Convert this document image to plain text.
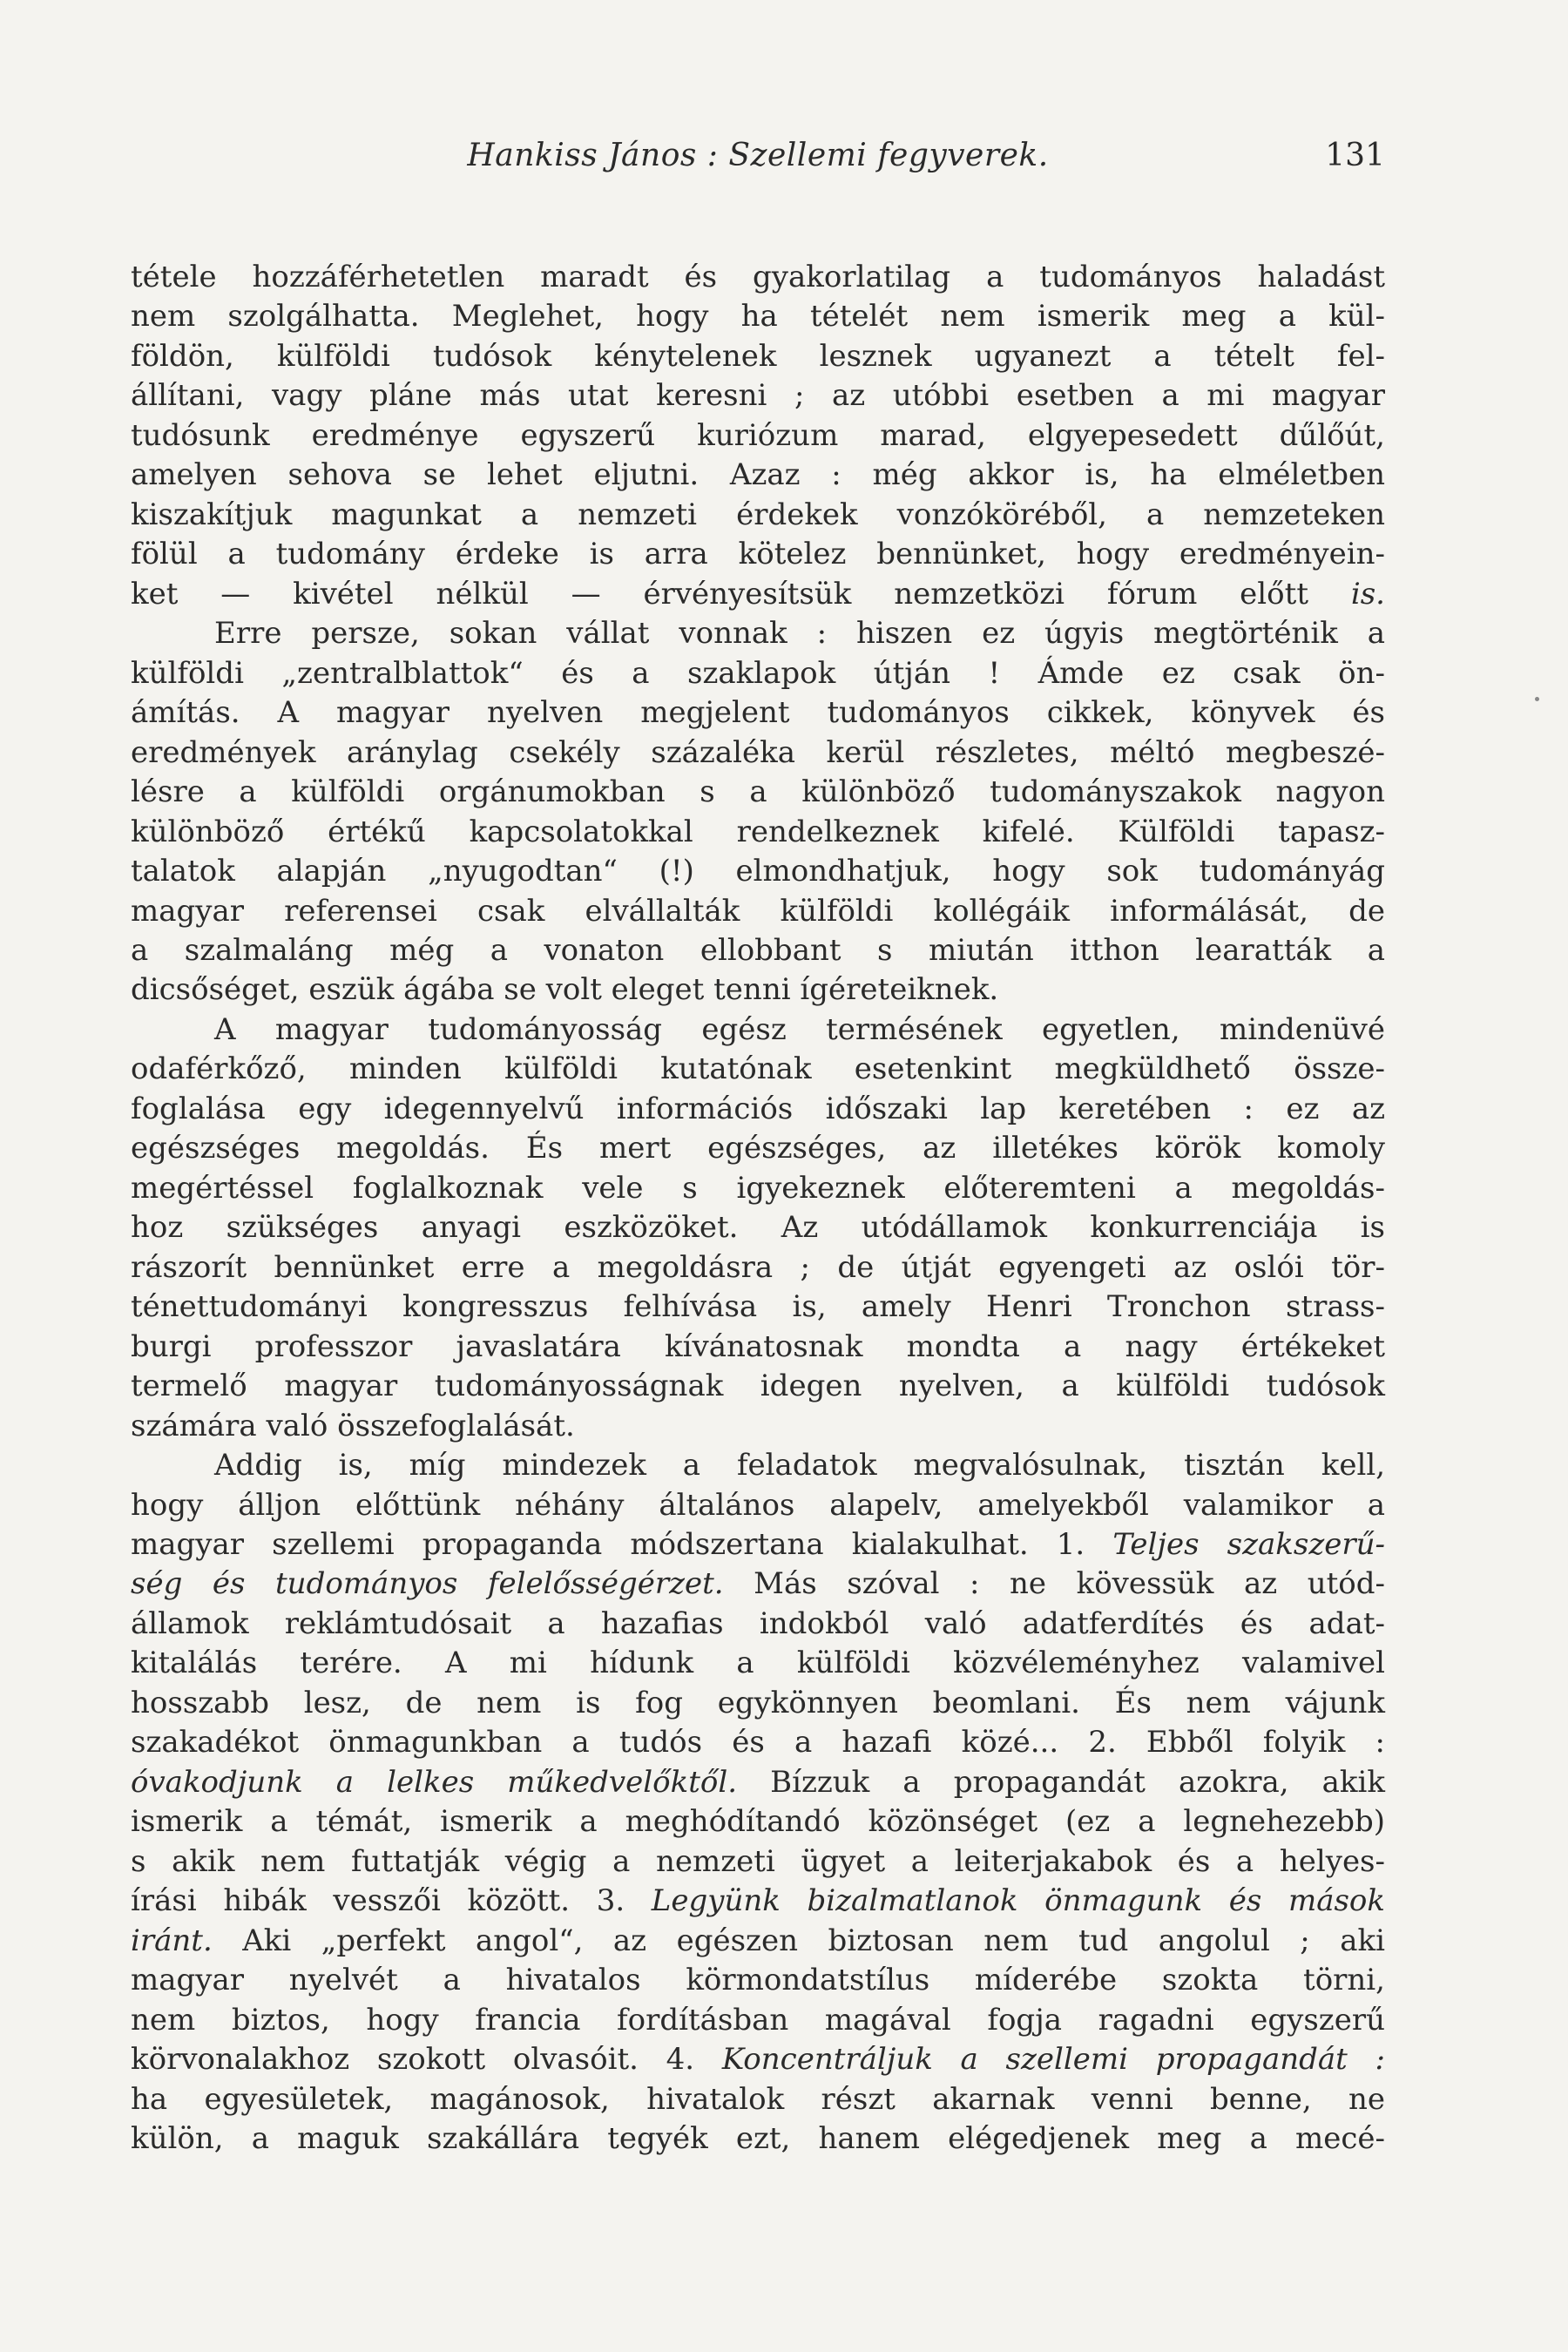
Hankiss János : Szellemi fegyverek.	131
tétele hozzáférhetetlen maradt és gyakorlatilag a tudományos haladást
nem szolgálhatta. Meglehet, hogy ha tételét nem ismerik meg a kül-
földön, külföldi tudósok kénytelenek lesznek ugyanezt a tételt fel-
állítani, vagy pláne más utat keresni ; az utóbbi esetben a mi magyar
tudósunk eredménye egyszerű kuriózum marad, elgyepesedett dűlőút,
amelyen sehova se lehet eljutni. Azaz : még akkor is, ha elméletben
kiszakítjuk magunkat a nemzeti érdekek vonzóköréből, a nemzeteken
fölül a tudomány érdeke is arra kötelez bennünket, hogy eredményein-
ket — kivétel nélkül — érvényesítsük nemzetközi fórum előtt is.
Erre persze, sokan vállat vonnak : hiszen ez úgyis megtörténik a
külföldi „zentralblattok“ és a szaklapok útján ! Ámde ez csak ön-
ámítás. A magyar nyelven megjelent tudományos cikkek, könyvek és
eredmények aránylag csekély százaléka kerül részletes, méltó megbeszé-
lésre a külföldi orgánumokban s a különböző tudományszakok nagyon
különböző értékű kapcsolatokkal rendelkeznek kifelé. Külföldi tapasz-
talatok alapján „nyugodtan“ (!) elmondhatjuk, hogy sok tudományág
magyar referensei csak elvállalták külföldi kollégáik informálását, de
a szalmaláng még a vonaton ellobbant s miután itthon learatták a
dicsőséget, eszük ágába se volt eleget tenni ígéreteiknek.
A magyar tudományosság egész termésének egyetlen, mindenüvé
odaférkőző, minden külföldi kutatónak esetenkint megküldhető össze-
foglalása egy idegennyelvű információs időszaki lap keretében : ez az
egészséges megoldás. És mert egészséges, az illetékes körök komoly
megértéssel foglalkoznak vele s igyekeznek előteremteni a megoldás-
hoz szükséges anyagi eszközöket. Az utódállamok konkurrenciája is
rászorít bennünket erre a megoldásra ; de útját egyengeti az oslói tör-
ténettudományi kongresszus felhívása is, amely Henri Tronchon strass-
burgi professzor javaslatára kívánatosnak mondta a nagy értékeket
termelő magyar tudományosságnak idegen nyelven, a külföldi tudósok
számára való összefoglalását.
Addig is, míg mindezek a feladatok megvalósulnak, tisztán kell,
hogy álljon előttünk néhány általános alapelv, amelyekből valamikor a
magyar szellemi propaganda módszertana kialakulhat. 1. Teljes szakszerű-
ség és tudományos felelősségérzet. Más szóval : ne kövessük az utód-
államok reklámtudósait a hazafias indokból való adatferdítés és adat-
kitalálás terére. A mi hídunk a külföldi közvéleményhez valamivel
hosszabb lesz, de nem is fog egykönnyen beomlani. És nem vájunk
szakadékot önmagunkban a tudós és a hazafi közé... 2. Ebből folyik :
óvakodjunk a lelkes műkedvelőktől. Bízzuk a propagandát azokra, akik
ismerik a témát, ismerik a meghódítandó közönséget (ez a legnehezebb)
s akik nem futtatják végig a nemzeti ügyet a leiterjakabok és a helyes-
írási hibák vesszői között. 3. Legyünk bizalmatlanok önmagunk és mások
iránt. Aki „perfekt angol“, az egészen biztosan nem tud angolul ; aki
magyar nyelvét a hivatalos körmondatstílus míderébe szokta törni,
nem biztos, hogy francia fordításban magával fogja ragadni egyszerű
körvonalakhoz szokott olvasóit. 4. Koncentráljuk a szellemi propagandát :
ha egyesületek, magánosok, hivatalok részt akarnak venni benne, ne
külön, a maguk szakállára tegyék ezt, hanem elégedjenek meg a mecé-
